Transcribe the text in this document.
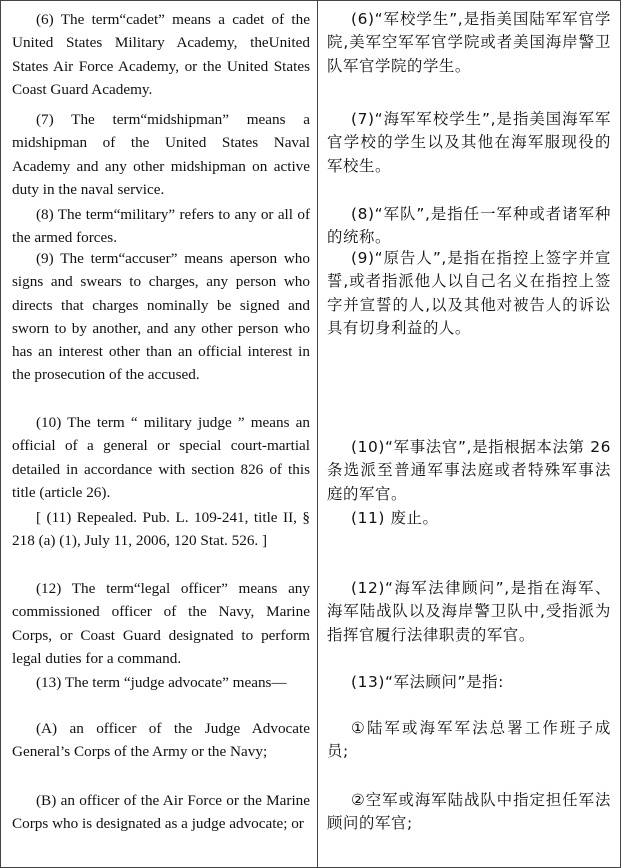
(6) The term“cadet” means a cadet of the United States Military Academy, theUnited States Air Force Academy, or the United States Coast Guard Academy.
(7) The term“midshipman” means a midshipman of the United States Naval Academy and any other midshipman on active duty in the naval service.
(8) The term“military” refers to any or all of the armed forces.
(9) The term“accuser” means aperson who signs and swears to charges, any person who directs that charges nominally be signed and sworn to by another, and any other person who has an interest other than an official interest in the prosecution of the accused.
(10) The term “ military judge ” means an official of a general or special court-martial detailed in accordance with section 826 of this title (article 26).
[ (11) Repealed. Pub. L. 109-241, title II, § 218 (a) (1), July 11, 2006, 120 Stat. 526. ]
(12) The term“legal officer” means any commissioned officer of the Navy, Marine Corps, or Coast Guard designated to perform legal duties for a command.
(13) The term “judge advocate” means—
(A) an officer of the Judge Advocate General’s Corps of the Army or the Navy;
(B) an officer of the Air Force or the Marine Corps who is designated as a judge advocate; or
(6)“军校学生”,是指美国陆军军官学院,美军空军军官学院或者美国海岸警卫队军官学院的学生。
(7)“海军军校学生”,是指美国海军军官学校的学生以及其他在海军服现役的军校生。
(8)“军队”,是指任一军种或者诸军种的统称。
(9)“原告人”,是指在指控上签字并宣誓,或者指派他人以自己名义在指控上签字并宣誓的人,以及其他对被告人的诉讼具有切身利益的人。
(10)“军事法官”,是指根据本法第 26 条选派至普通军事法庭或者特殊军事法庭的军官。
(11) 废止。
(12)“海军法律顾问”,是指在海军、海军陆战队以及海岸警卫队中,受指派为指挥官履行法律职责的军官。
(13)“军法顾问”是指:
①陆军或海军军法总署工作班子成员;
②空军或海军陆战队中指定担任军法顾问的军官;
